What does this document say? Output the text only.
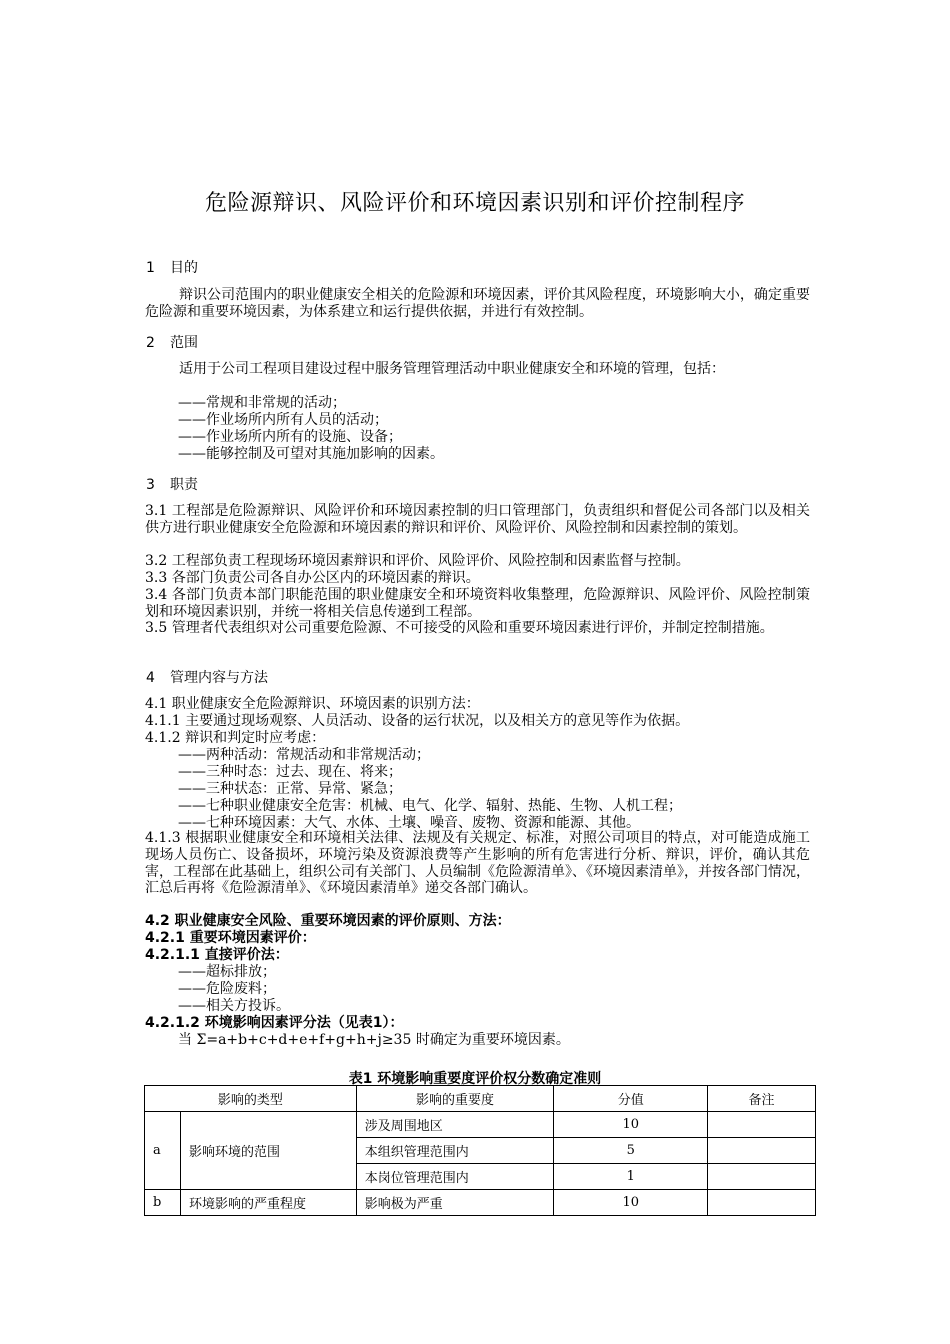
危险源辩识、风险评价和环境因素识别和评价控制程序
1 目的
辩识公司范围内的职业健康安全相关的危险源和环境因素，评价其风险程度，环境影响大小，确定重要危险源和重要环境因素，为体系建立和运行提供依据，并进行有效控制。
2 范围
适用于公司工程项目建设过程中服务管理管理活动中职业健康安全和环境的管理，包括：
——常规和非常规的活动；
——作业场所内所有人员的活动；
——作业场所内所有的设施、设备；
——能够控制及可望对其施加影响的因素。
3 职责
3.1 工程部是危险源辩识、风险评价和环境因素控制的归口管理部门，负责组织和督促公司各部门以及相关供方进行职业健康安全危险源和环境因素的辩识和评价、风险评价、风险控制和因素控制的策划。
3.2 工程部负责工程现场环境因素辩识和评价、风险评价、风险控制和因素监督与控制。
3.3 各部门负责公司各自办公区内的环境因素的辩识。
3.4 各部门负责本部门职能范围的职业健康安全和环境资料收集整理，危险源辩识、风险评价、风险控制策划和环境因素识别，并统一将相关信息传递到工程部。
3.5 管理者代表组织对公司重要危险源、不可接受的风险和重要环境因素进行评价，并制定控制措施。
4 管理内容与方法
4.1 职业健康安全危险源辩识、环境因素的识别方法：
4.1.1 主要通过现场观察、人员活动、设备的运行状况，以及相关方的意见等作为依据。
4.1.2 辩识和判定时应考虑：
——两种活动：常规活动和非常规活动；
——三种时态：过去、现在、将来；
——三种状态：正常、异常、紧急；
——七种职业健康安全危害：机械、电气、化学、辐射、热能、生物、人机工程；
——七种环境因素：大气、水体、土壤、噪音、废物、资源和能源、其他。
4.1.3 根据职业健康安全和环境相关法律、法规及有关规定、标准，对照公司项目的特点，对可能造成施工现场人员伤亡、设备损坏，环境污染及资源浪费等产生影响的所有危害进行分析、辩识，评价，确认其危害，工程部在此基础上，组织公司有关部门、人员编制《危险源清单》、《环境因素清单》，并按各部门情况，汇总后再将《危险源清单》、《环境因素清单》递交各部门确认。
4.2 职业健康安全风险、重要环境因素的评价原则、方法：
4.2.1 重要环境因素评价：
4.2.1.1 直接评价法：
——超标排放；
——危险废料；
——相关方投诉。
4.2.1.2 环境影响因素评分法（见表1）：
当 Σ=a+b+c+d+e+f+g+h+j≥35 时确定为重要环境因素。
表1 环境影响重要度评价权分数确定准则
影响的类型		影响的重要度	分值	备注
a	影响环境的范围	涉及周围地区	10	
		本组织管理范围内	5	
		本岗位管理范围内	1	
b	环境影响的严重程度	影响极为严重	10	
